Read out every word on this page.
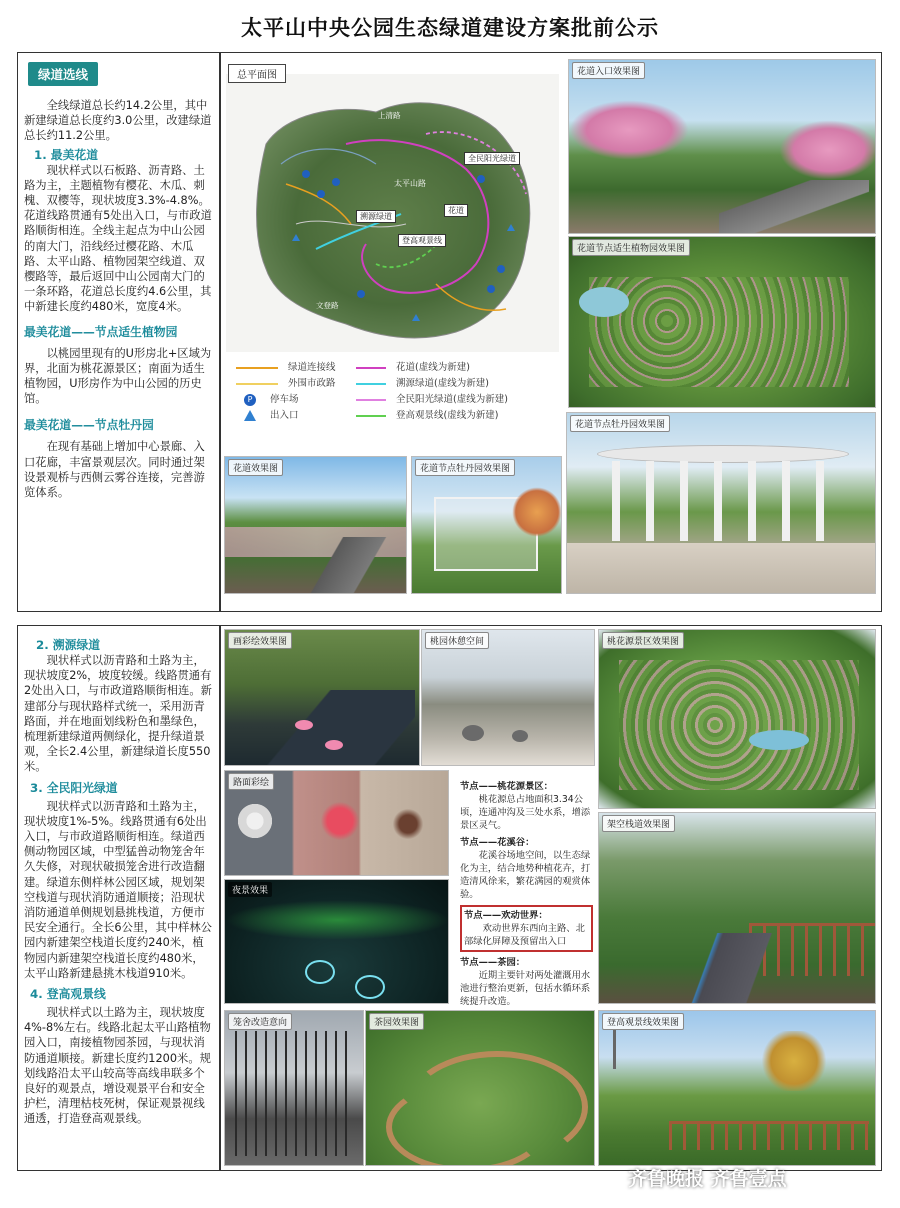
太平山中央公园生态绿道建设方案批前公示
绿道选线
全线绿道总长约14.2公里，其中新建绿道总长度约3.0公里，改建绿道总长约11.2公里。
1. 最美花道
现状样式以石板路、沥青路、土路为主，主题植物有樱花、木瓜、刺槐、双樱等，现状坡度3.3%-4.8%。花道线路贯通有5处出入口，与市政道路顺街相连。全线主起点为中山公园的南大门，沿线经过樱花路、木瓜路、太平山路、植物园架空线道、双樱路等，最后返回中山公园南大门的一条环路，花道总长度约4.6公里，其中新建长度约480米，宽度4米。
最美花道——节点适生植物园
以桃园里现有的U形房北+区域为界，北面为桃花源景区；南面为适生植物园，U形房作为中山公园的历史馆。
最美花道——节点牡丹园
在现有基础上增加中心景廊、入口花廊，丰富景观层次。同时通过架设景观桥与西侧云雾谷连接，完善游览体系。
总平面图
全民阳光绿道
太平山路
花道
溯源绿道
登高观景线
上清路
文登路
绿道连接线
外围市政路
P 停车场
出入口
花道(虚线为新建)
溯源绿道(虚线为新建)
全民阳光绿道(虚线为新建)
登高观景线(虚线为新建)
花道入口效果图
花道节点适生植物园效果图
花道效果图	花道节点牡丹园效果图
花道节点牡丹园效果图
2. 溯源绿道
现状样式以沥青路和土路为主，现状坡度2%，坡度较缓。线路贯通有2处出入口，与市政道路顺街相连。新建部分与现状路样式统一，采用沥青路面，并在地面划线粉色和墨绿色，梳理新建绿道两侧绿化，提升绿道景观，全长2.4公里，新建绿道长度550米。
3. 全民阳光绿道
现状样式以沥青路和土路为主，现状坡度1%-5%。线路贯通有6处出入口，与市政道路顺街相连。绿道西侧动物园区域，中型猛兽动物笼舍年久失修，对现状破损笼舍进行改造翻建。绿道东侧样林公园区域，规划架空栈道与现状消防通道顺接；沿现状消防通道单侧规划悬挑栈道，方便市民安全通行。全长6公里，其中样林公园内新建架空栈道长度约240米，植物园内新建架空栈道长度约480米，太平山路新建悬挑木栈道910米。
4. 登高观景线
现状样式以土路为主，现状坡度4%-8%左右。线路北起太平山路植物园入口，南接植物园茶园，与现状消防通道顺接。新建长度约1200米。规划线路沿太平山较高等高线串联多个良好的观景点，增设观景平台和安全护栏，清理枯枝死树，保证观景视线通透，打造登高观景线。
画彩绘效果图	桃园休憩空间	桃花源景区效果图
路面彩绘
夜景效果
笼舍改造意向	茶园效果图
架空栈道效果图
登高观景线效果图
节点——桃花源景区：
桃花源总占地面积3.34公顷，连通冲沟及三处水系，增添景区灵气。
节点——花溪谷：
花溪谷场地空间，以生态绿化为主，结合地势种植花卉，打造清风徐来，繁花满园的观赏体验。
节点——欢动世界：
欢动世界东西向主路、北部绿化屏障及预留出入口
节点——茶园：
近期主要针对两处灌溉用水池进行整治更新，包括水循环系统提升改造。
齐鲁晚报 齐鲁壹点
